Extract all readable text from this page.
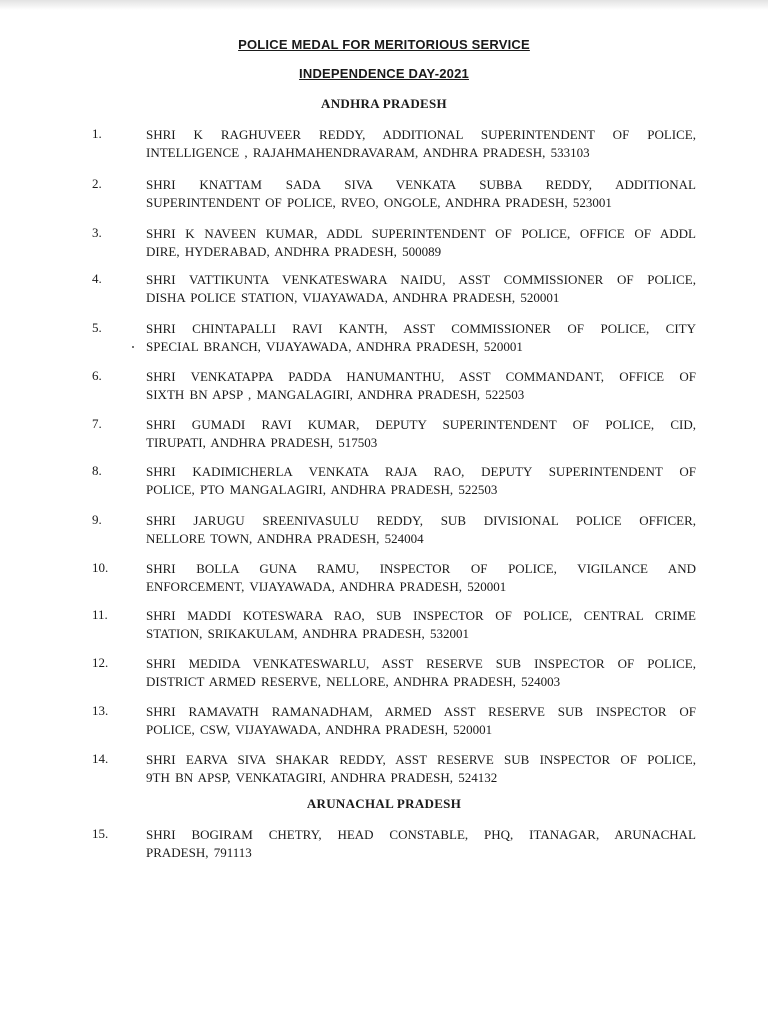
POLICE MEDAL FOR MERITORIOUS SERVICE
INDEPENDENCE DAY-2021
ANDHRA PRADESH
1.	SHRI K RAGHUVEER REDDY, ADDITIONAL SUPERINTENDENT OF POLICE,
INTELLIGENCE , RAJAHMAHENDRAVARAM, ANDHRA PRADESH, 533103
2.	SHRI KNATTAM SADA SIVA VENKATA SUBBA REDDY, ADDITIONAL
SUPERINTENDENT OF POLICE, RVEO, ONGOLE, ANDHRA PRADESH, 523001
3.	SHRI K NAVEEN KUMAR, ADDL SUPERINTENDENT OF POLICE, OFFICE OF ADDL
DIRE, HYDERABAD, ANDHRA PRADESH, 500089
4.	SHRI VATTIKUNTA VENKATESWARA NAIDU, ASST COMMISSIONER OF POLICE,
DISHA POLICE STATION, VIJAYAWADA, ANDHRA PRADESH, 520001
5.	SHRI CHINTAPALLI RAVI KANTH, ASST COMMISSIONER OF POLICE, CITY
SPECIAL BRANCH, VIJAYAWADA, ANDHRA PRADESH, 520001
6.	SHRI VENKATAPPA PADDA HANUMANTHU, ASST COMMANDANT, OFFICE OF
SIXTH BN APSP , MANGALAGIRI, ANDHRA PRADESH, 522503
7.	SHRI GUMADI RAVI KUMAR, DEPUTY SUPERINTENDENT OF POLICE, CID,
TIRUPATI, ANDHRA PRADESH, 517503
8.	SHRI KADIMICHERLA VENKATA RAJA RAO, DEPUTY SUPERINTENDENT OF
POLICE, PTO MANGALAGIRI, ANDHRA PRADESH, 522503
9.	SHRI JARUGU SREENIVASULU REDDY, SUB DIVISIONAL POLICE OFFICER,
NELLORE TOWN, ANDHRA PRADESH, 524004
10.	SHRI BOLLA GUNA RAMU, INSPECTOR OF POLICE, VIGILANCE AND
ENFORCEMENT, VIJAYAWADA, ANDHRA PRADESH, 520001
11.	SHRI MADDI KOTESWARA RAO, SUB INSPECTOR OF POLICE, CENTRAL CRIME
STATION, SRIKAKULAM, ANDHRA PRADESH, 532001
12.	SHRI MEDIDA VENKATESWARLU, ASST RESERVE SUB INSPECTOR OF POLICE,
DISTRICT ARMED RESERVE, NELLORE, ANDHRA PRADESH, 524003
13.	SHRI RAMAVATH RAMANADHAM, ARMED ASST RESERVE SUB INSPECTOR OF
POLICE, CSW, VIJAYAWADA, ANDHRA PRADESH, 520001
14.	SHRI EARVA SIVA SHAKAR REDDY, ASST RESERVE SUB INSPECTOR OF POLICE,
9TH BN APSP, VENKATAGIRI, ANDHRA PRADESH, 524132
ARUNACHAL PRADESH
15.	SHRI BOGIRAM CHETRY, HEAD CONSTABLE, PHQ, ITANAGAR, ARUNACHAL
PRADESH, 791113
